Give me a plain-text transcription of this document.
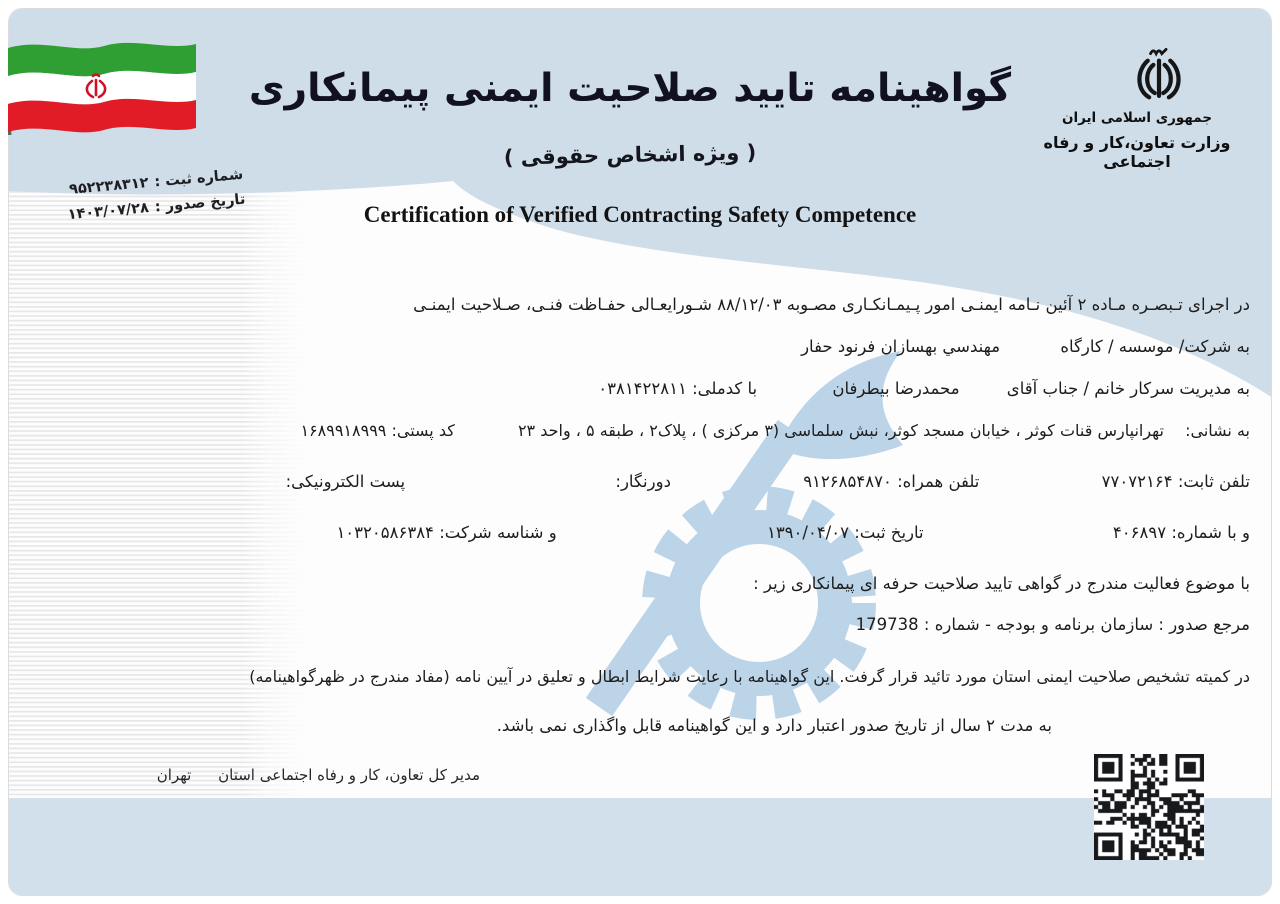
جمهوری اسلامی ایران
وزارت تعاون،کار و رفاه اجتماعی
گواهینامه تایید صلاحیت ایمنی پیمانکاری
( ویژه اشخاص حقوقی )
Certification of Verified Contracting Safety Competence
شماره ثبت :
۹۵۲۲۳۸۳۱۲
تاریخ صدور :
۱۴۰۳/۰۷/۲۸
در اجرای تـبصـره مـاده ۲ آئین نـامه ایمنـی امور پـیمـانکـاری مصـوبه ۸۸/۱۲/۰۳ شـورایعـالی حفـاظت فنـی، صـلاحیت ایمنـی
به شرکت/ موسسه / کارگاه مهندسي بهسازان فرنود حفار
به مدیریت سرکار خانم / جناب آقای محمدرضا بیطرفان با کدملی: ۰۳۸۱۴۲۲۸۱۱
به نشانی: تهرانپارس قنات کوثر ، خیابان مسجد کوثر، نبش سلماسی (۳ مرکزی ) ، پلاک۲ ، طبقه ۵ ، واحد ۲۳ کد پستی: ۱۶۸۹۹۱۸۹۹۹
تلفن ثابت: ۷۷۰۷۲۱۶۴ تلفن همراه: ۹۱۲۶۸۵۴۸۷۰ دورنگار: پست الکترونیکی:
و با شماره: ۴۰۶۸۹۷ تاریخ ثبت: ۱۳۹۰/۰۴/۰۷ و شناسه شرکت: ۱۰۳۲۰۵۸۶۳۸۴
با موضوع فعالیت مندرج در گواهی تایید صلاحیت حرفه ای پیمانکاری زیر :
مرجع صدور : سازمان برنامه و بودجه - شماره : 179738
در کمیته تشخیص صلاحیت ایمنی استان مورد تائید قرار گرفت. این گواهینامه با رعایت شرایط ابطال و تعلیق در آیین نامه (مفاد مندرج در ظهرگواهینامه)
به مدت ۲ سال از تاریخ صدور اعتبار دارد و این گواهینامه قابل واگذاری نمی باشد.
مدیر کل تعاون، کار و رفاه اجتماعی استان تهران
